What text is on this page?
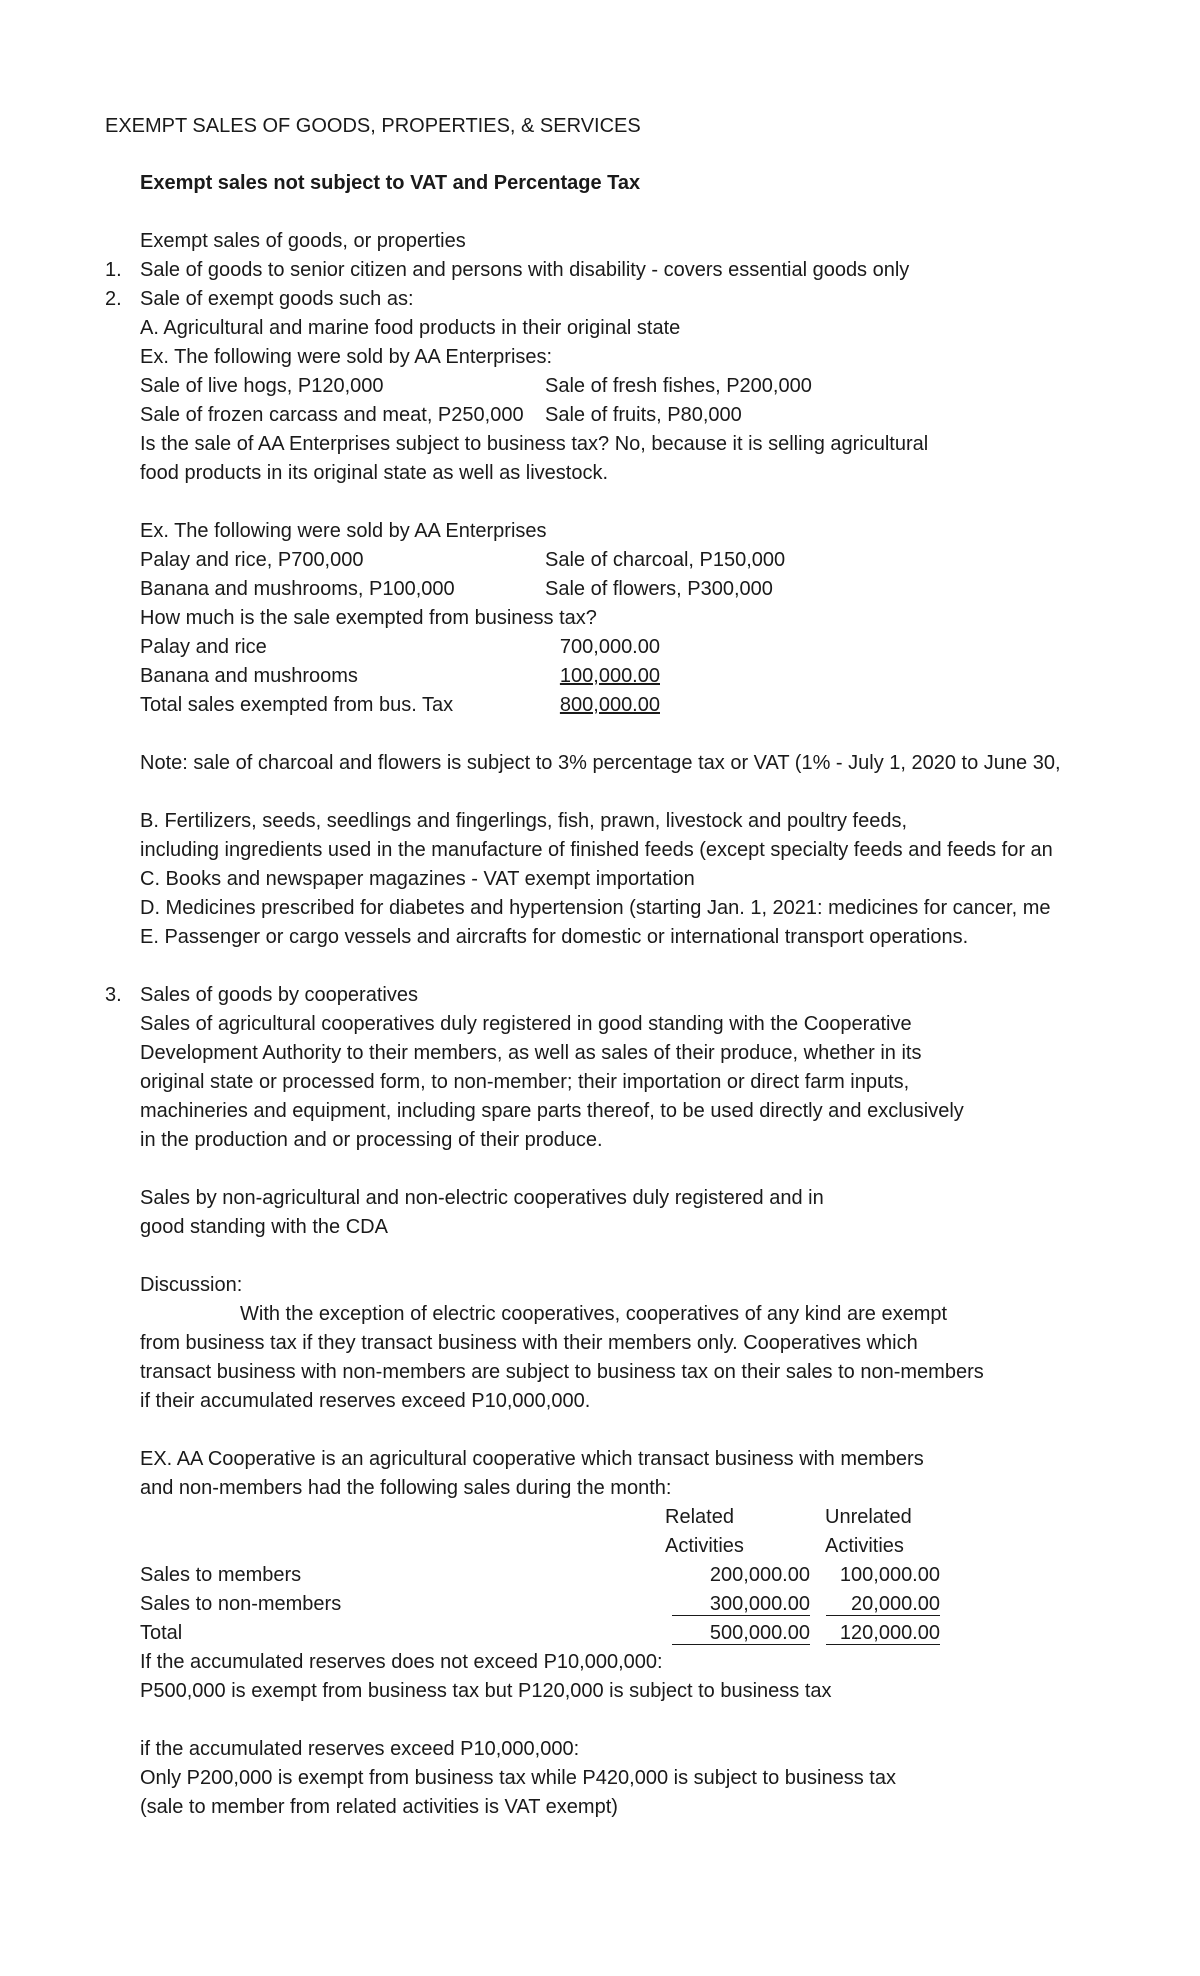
EXEMPT SALES OF GOODS, PROPERTIES, & SERVICES
Exempt sales not subject to VAT and Percentage Tax
Exempt sales of goods, or properties
1. Sale of goods to senior citizen and persons with disability - covers essential goods only
2. Sale of exempt goods such as:
A. Agricultural and marine food products in their original state
Ex. The following were sold by AA Enterprises:
Sale of live hogs, P120,000	Sale of fresh fishes, P200,000
Sale of frozen carcass and meat, P250,000 Sale of fruits, P80,000
Is the sale of AA Enterprises subject to business tax? No, because it is selling agricultural
food products in its original state as well as livestock.
Ex. The following were sold by AA Enterprises
Palay and rice, P700,000	Sale of charcoal, P150,000
Banana and mushrooms, P100,000	Sale of flowers, P300,000
How much is the sale exempted from business tax?
Palay and rice	700,000.00
Banana and mushrooms	100,000.00
Total sales exempted from bus. Tax	800,000.00
Note: sale of charcoal and flowers is subject to 3% percentage tax or VAT (1% - July 1, 2020 to June 30,
B. Fertilizers, seeds, seedlings and fingerlings, fish, prawn, livestock and poultry feeds,
including ingredients used in the manufacture of finished feeds (except specialty feeds and feeds for an
C. Books and newspaper magazines - VAT exempt importation
D. Medicines prescribed for diabetes and hypertension (starting Jan. 1, 2021: medicines for cancer, me
E. Passenger or cargo vessels and aircrafts for domestic or international transport operations.
3. Sales of goods by cooperatives
Sales of agricultural cooperatives duly registered in good standing with the Cooperative
Development Authority to their members, as well as sales of their produce, whether in its
original state or processed form, to non-member; their importation or direct farm inputs,
machineries and equipment, including spare parts thereof, to be used directly and exclusively
in the production and or processing of their produce.
Sales by non-agricultural and non-electric cooperatives duly registered and in
good standing with the CDA
Discussion:
With the exception of electric cooperatives, cooperatives of any kind are exempt
from business tax if they transact business with their members only. Cooperatives which
transact business with non-members are subject to business tax on their sales to non-members
if their accumulated reserves exceed P10,000,000.
EX. AA Cooperative is an agricultural cooperative which transact business with members
and non-members had the following sales during the month:
Related	Unrelated
Activities	Activities
Sales to members	200,000.00	100,000.00
Sales to non-members	300,000.00	20,000.00
Total	500,000.00	120,000.00
If the accumulated reserves does not exceed P10,000,000:
P500,000 is exempt from business tax but P120,000 is subject to business tax
if the accumulated reserves exceed P10,000,000:
Only P200,000 is exempt from business tax while P420,000 is subject to business tax
(sale to member from related activities is VAT exempt)
